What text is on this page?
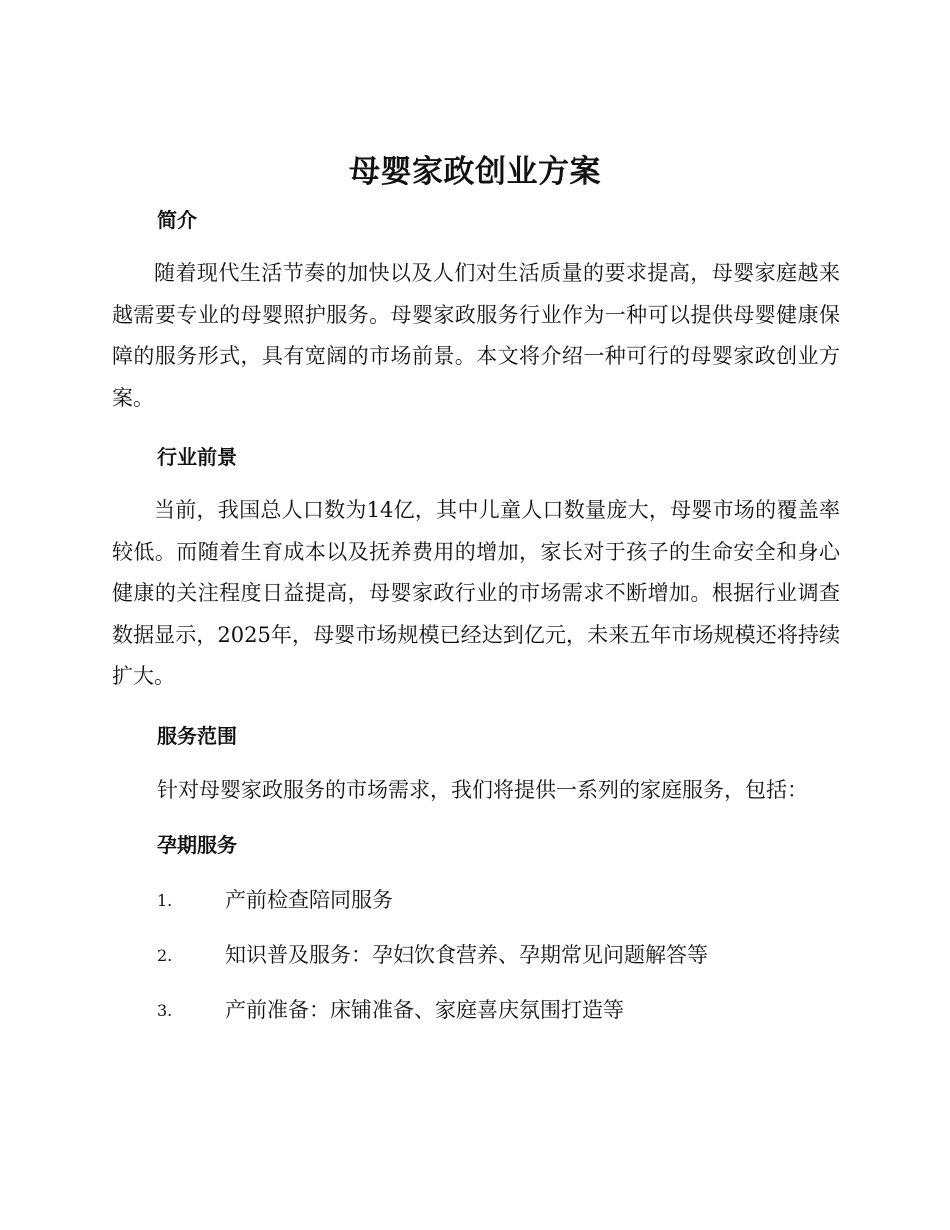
母婴家政创业方案
简介

随着现代生活节奏的加快以及人们对生活质量的要求提高，母婴家庭越来越需要专业的母婴照护服务。母婴家政服务行业作为一种可以提供母婴健康保障的服务形式，具有宽阔的市场前景。本文将介绍一种可行的母婴家政创业方案。

行业前景

当前，我国总人口数为14亿，其中儿童人口数量庞大，母婴市场的覆盖率较低。而随着生育成本以及抚养费用的增加，家长对于孩子的生命安全和身心健康的关注程度日益提高，母婴家政行业的市场需求不断增加。根据行业调查数据显示，2025年，母婴市场规模已经达到亿元，未来五年市场规模还将持续扩大。

服务范围

针对母婴家政服务的市场需求，我们将提供一系列的家庭服务，包括：

孕期服务
1.	产前检查陪同服务
2.	知识普及服务：孕妇饮食营养、孕期常见问题解答等
3.	产前准备：床铺准备、家庭喜庆氛围打造等
